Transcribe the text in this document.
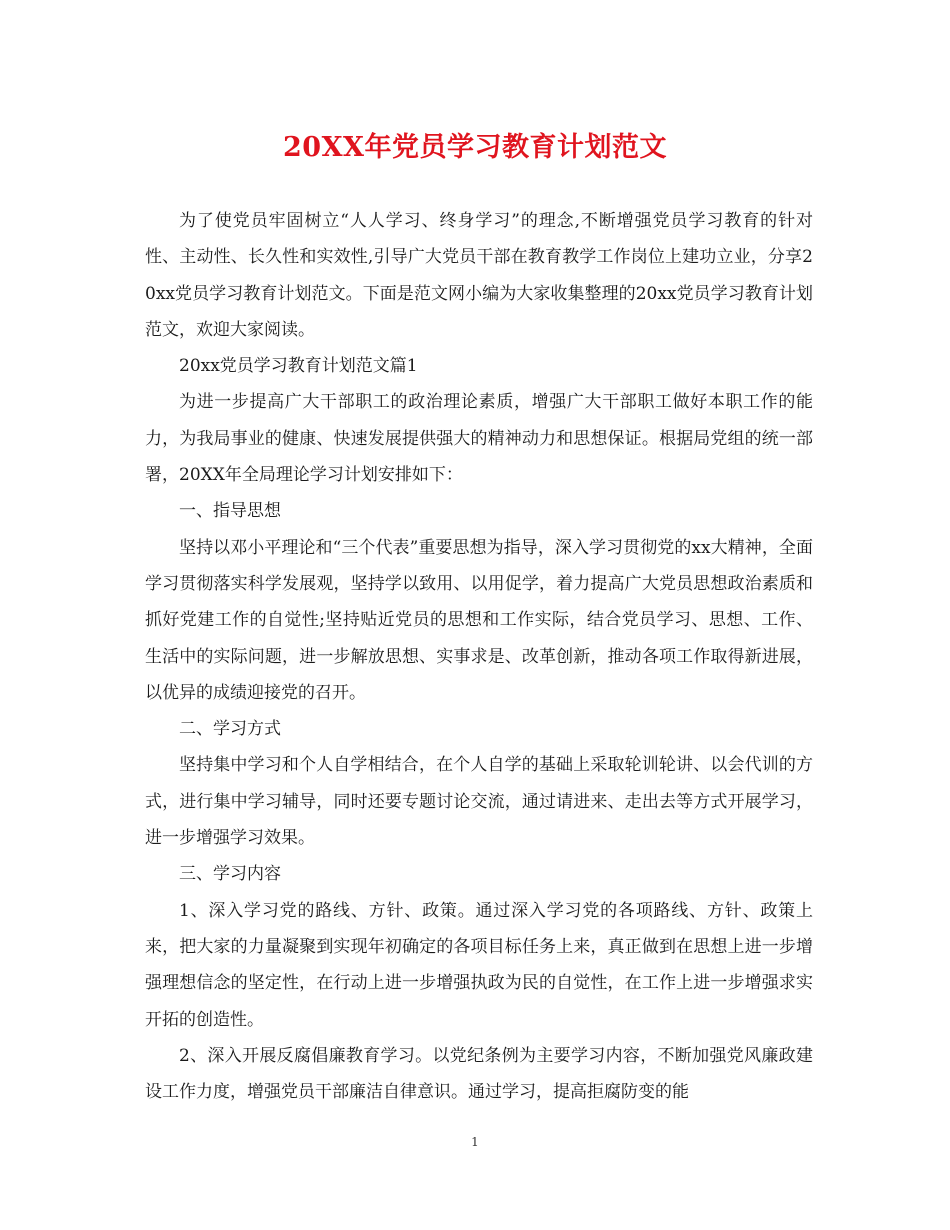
20XX年党员学习教育计划范文

为了使党员牢固树立“人人学习、终身学习”的理念,不断增强党员学习教育的针对性、主动性、长久性和实效性,引导广大党员干部在教育教学工作岗位上建功立业，分享20xx党员学习教育计划范文。下面是范文网小编为大家收集整理的20xx党员学习教育计划范文，欢迎大家阅读。

20xx党员学习教育计划范文篇1

为进一步提高广大干部职工的政治理论素质，增强广大干部职工做好本职工作的能力，为我局事业的健康、快速发展提供强大的精神动力和思想保证。根据局党组的统一部署，20XX年全局理论学习计划安排如下：

一、指导思想

坚持以邓小平理论和“三个代表”重要思想为指导，深入学习贯彻党的xx大精神，全面学习贯彻落实科学发展观，坚持学以致用、以用促学，着力提高广大党员思想政治素质和抓好党建工作的自觉性;坚持贴近党员的思想和工作实际，结合党员学习、思想、工作、生活中的实际问题，进一步解放思想、实事求是、改革创新，推动各项工作取得新进展，以优异的成绩迎接党的召开。

二、学习方式

坚持集中学习和个人自学相结合，在个人自学的基础上采取轮训轮讲、以会代训的方式，进行集中学习辅导，同时还要专题讨论交流，通过请进来、走出去等方式开展学习，进一步增强学习效果。

三、学习内容

1、深入学习党的路线、方针、政策。通过深入学习党的各项路线、方针、政策上来，把大家的力量凝聚到实现年初确定的各项目标任务上来，真正做到在思想上进一步增强理想信念的坚定性，在行动上进一步增强执政为民的自觉性，在工作上进一步增强求实开拓的创造性。

2、深入开展反腐倡廉教育学习。以党纪条例为主要学习内容，不断加强党风廉政建设工作力度，增强党员干部廉洁自律意识。通过学习，提高拒腐防变的能

1
